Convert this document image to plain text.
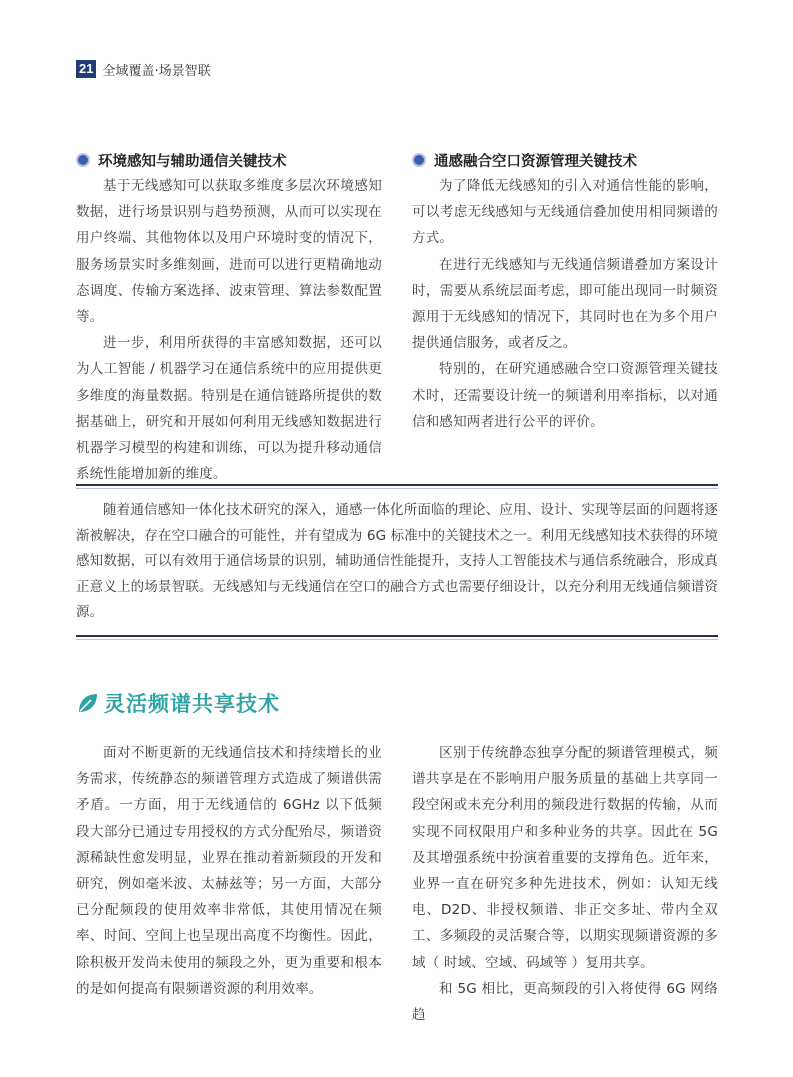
21 全域覆盖·场景智联
环境感知与辅助通信关键技术

基于无线感知可以获取多维度多层次环境感知数据，进行场景识别与趋势预测，从而可以实现在用户终端、其他物体以及用户环境时变的情况下，服务场景实时多维刻画，进而可以进行更精确地动态调度、传输方案选择、波束管理、算法参数配置等。

进一步，利用所获得的丰富感知数据，还可以为人工智能 / 机器学习在通信系统中的应用提供更多维度的海量数据。特别是在通信链路所提供的数据基础上，研究和开展如何利用无线感知数据进行机器学习模型的构建和训练，可以为提升移动通信系统性能增加新的维度。

通感融合空口资源管理关键技术

为了降低无线感知的引入对通信性能的影响，可以考虑无线感知与无线通信叠加使用相同频谱的方式。

在进行无线感知与无线通信频谱叠加方案设计时，需要从系统层面考虑，即可能出现同一时频资源用于无线感知的情况下，其同时也在为多个用户提供通信服务，或者反之。

特别的，在研究通感融合空口资源管理关键技术时，还需要设计统一的频谱利用率指标，以对通信和感知两者进行公平的评价。

随着通信感知一体化技术研究的深入，通感一体化所面临的理论、应用、设计、实现等层面的问题将逐渐被解决，存在空口融合的可能性，并有望成为 6G 标准中的关键技术之一。利用无线感知技术获得的环境感知数据，可以有效用于通信场景的识别，辅助通信性能提升，支持人工智能技术与通信系统融合，形成真正意义上的场景智联。无线感知与无线通信在空口的融合方式也需要仔细设计，以充分利用无线通信频谱资源。

灵活频谱共享技术

面对不断更新的无线通信技术和持续增长的业务需求，传统静态的频谱管理方式造成了频谱供需矛盾。一方面，用于无线通信的 6GHz 以下低频段大部分已通过专用授权的方式分配殆尽，频谱资源稀缺性愈发明显，业界在推动着新频段的开发和研究，例如毫米波、太赫兹等；另一方面，大部分已分配频段的使用效率非常低，其使用情况在频率、时间、空间上也呈现出高度不均衡性。因此，除积极开发尚未使用的频段之外，更为重要和根本的是如何提高有限频谱资源的利用效率。

区别于传统静态独享分配的频谱管理模式，频谱共享是在不影响用户服务质量的基础上共享同一段空闲或未充分利用的频段进行数据的传输，从而实现不同权限用户和多种业务的共享。因此在 5G 及其增强系统中扮演着重要的支撑角色。近年来，业界一直在研究多种先进技术，例如：认知无线电、D2D、非授权频谱、非正交多址、带内全双工、多频段的灵活聚合等，以期实现频谱资源的多域（ 时域、空域、码域等 ）复用共享。

和 5G 相比，更高频段的引入将使得 6G 网络趋
